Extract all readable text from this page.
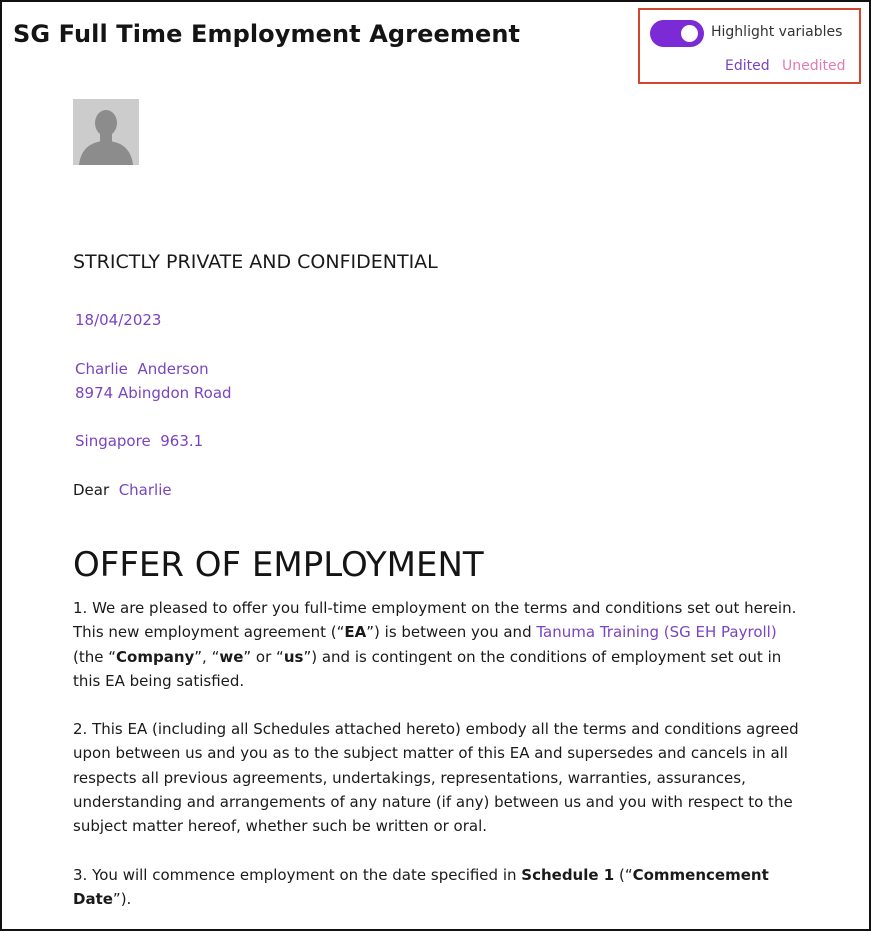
SG Full Time Employment Agreement	Highlight variables
Edited Unedited
STRICTLY PRIVATE AND CONFIDENTIAL
18/04/2023
Charlie Anderson
8974 Abingdon Road
Singapore 963.1
Dear Charlie
OFFER OF EMPLOYMENT

1. We are pleased to offer you full-time employment on the terms and conditions set out herein. This new employment agreement (“EA”) is between you and Tanuma Training (SG EH Payroll) (the “Company”, “we” or “us”) and is contingent on the conditions of employment set out in this EA being satisfied.

2. This EA (including all Schedules attached hereto) embody all the terms and conditions agreed upon between us and you as to the subject matter of this EA and supersedes and cancels in all respects all previous agreements, undertakings, representations, warranties, assurances, understanding and arrangements of any nature (if any) between us and you with respect to the subject matter hereof, whether such be written or oral.

3. You will commence employment on the date specified in Schedule 1 (“Commencement Date”).
